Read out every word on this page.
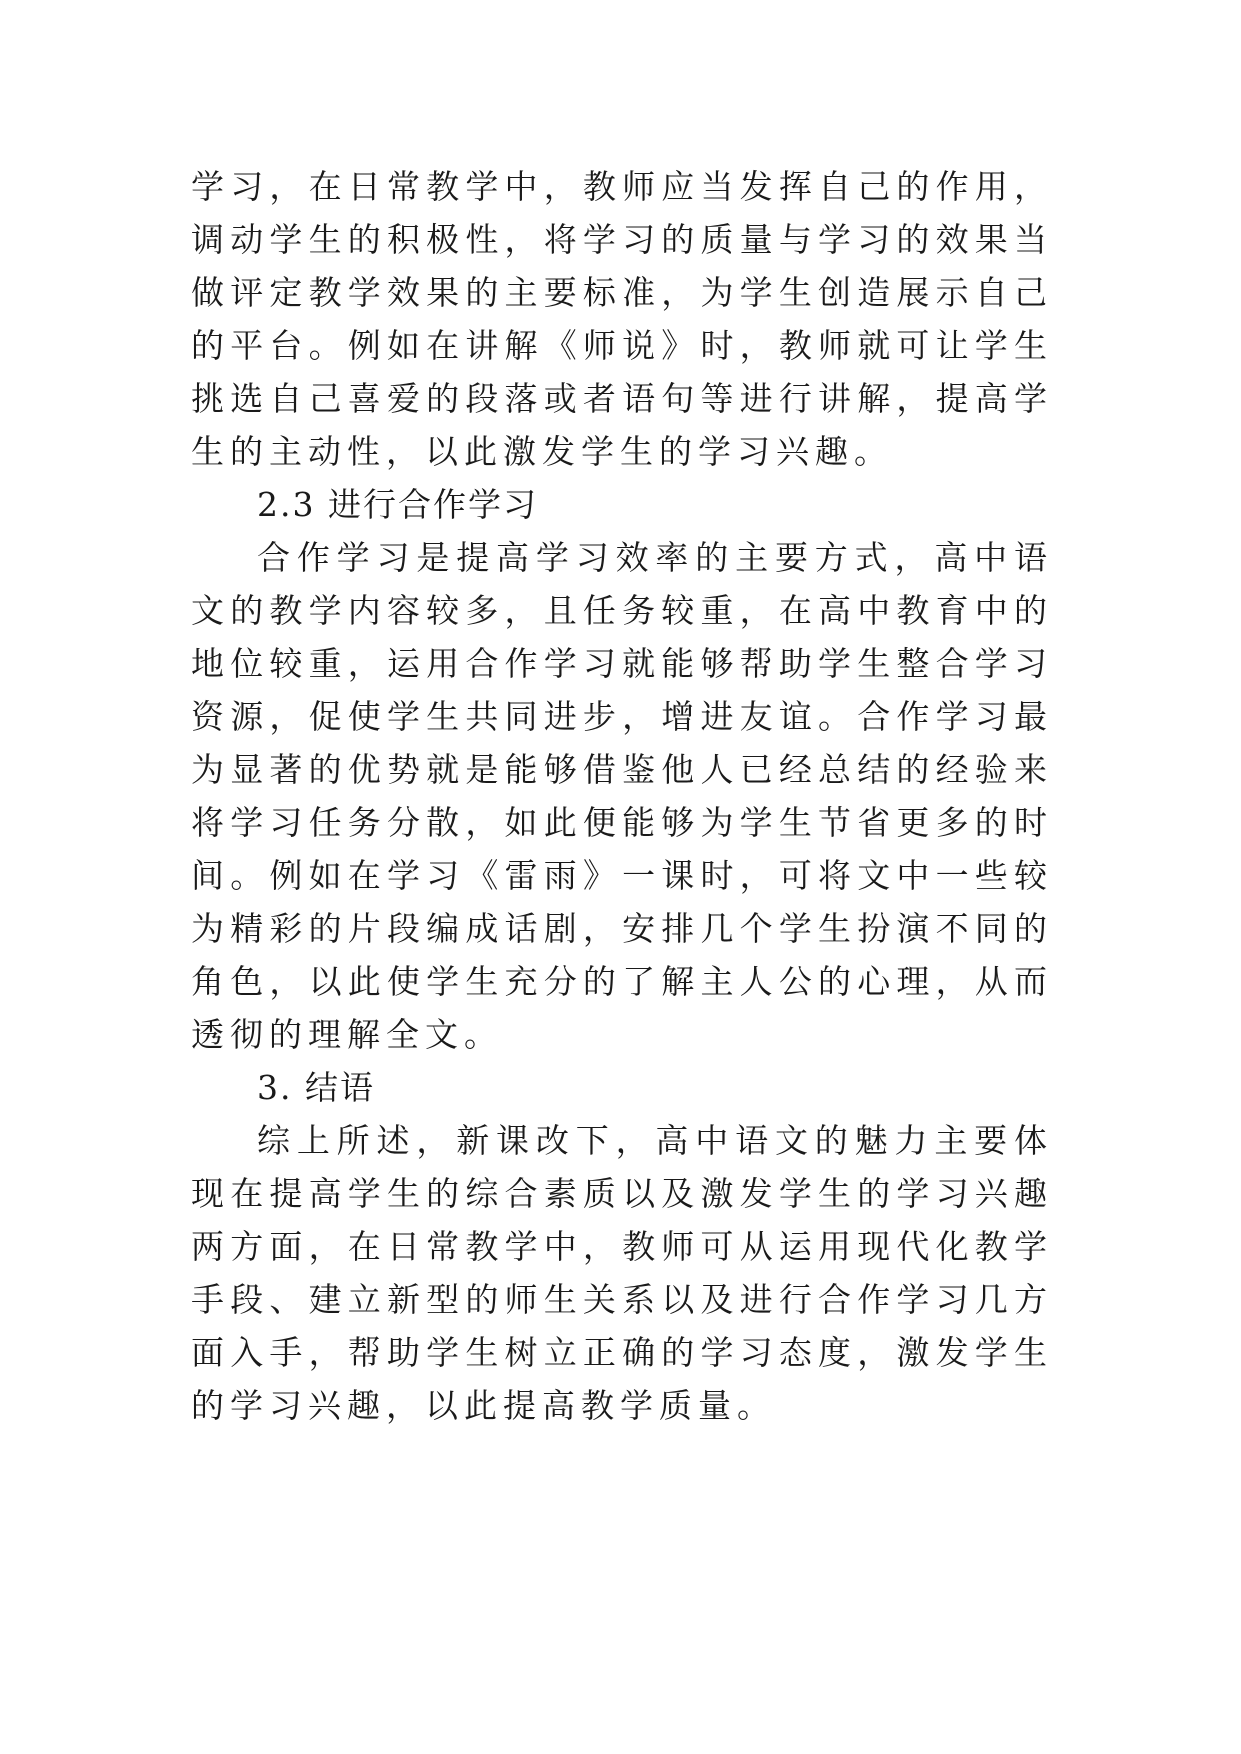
学习，在日常教学中，教师应当发挥自己的作用，调动学生的积极性，将学习的质量与学习的效果当做评定教学效果的主要标准，为学生创造展示自己的平台。例如在讲解《师说》时，教师就可让学生挑选自己喜爱的段落或者语句等进行讲解，提高学生的主动性，以此激发学生的学习兴趣。

2.3 进行合作学习

合作学习是提高学习效率的主要方式，高中语文的教学内容较多，且任务较重，在高中教育中的地位较重，运用合作学习就能够帮助学生整合学习资源，促使学生共同进步，增进友谊。合作学习最为显著的优势就是能够借鉴他人已经总结的经验来将学习任务分散，如此便能够为学生节省更多的时间。例如在学习《雷雨》一课时，可将文中一些较为精彩的片段编成话剧，安排几个学生扮演不同的角色，以此使学生充分的了解主人公的心理，从而透彻的理解全文。

3. 结语

综上所述，新课改下，高中语文的魅力主要体现在提高学生的综合素质以及激发学生的学习兴趣两方面，在日常教学中，教师可从运用现代化教学手段、建立新型的师生关系以及进行合作学习几方面入手，帮助学生树立正确的学习态度，激发学生的学习兴趣，以此提高教学质量。
